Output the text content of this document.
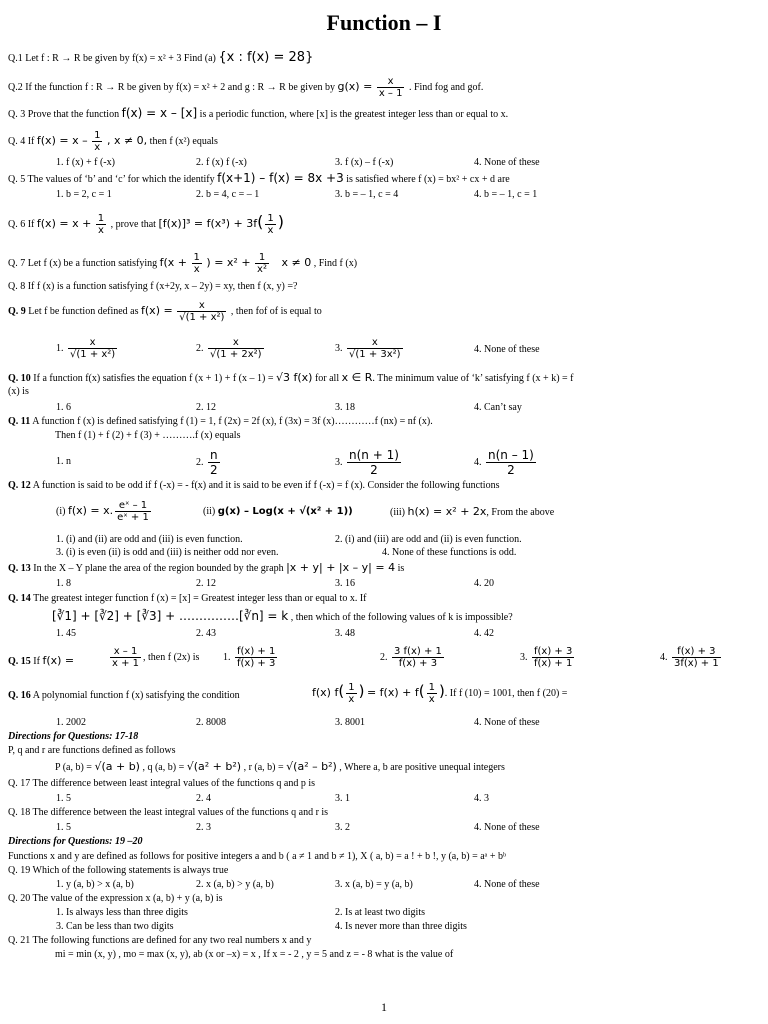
Function – I
Q.1 Let f : R → R be given by f(x) = x² + 3 Find (a) {x : f(x) = 28}
Q.2 If the function f : R → R be given by f(x) = x² + 2 and g : R → R be given by $g(x) = \frac{x}{x - 1}$ . Find fog and gof.
Q. 3 Prove that the function f(x) = x – [x] is a periodic function, where [x] is the greatest integer less than or equal to x.
Q. 4 If $f(x) = x - \frac{1}{x}$ , x ≠ 0, then f (x²) equals
1. f (x) + f (-x)	2. f (x) f (-x)	3. f (x) – f (-x)	4. None of these
Q. 5 The values of ‘b’ and ‘c’ for which the identify f(x+1) – f(x) = 8x +3 is satisfied where f (x) = bx² + cx + d are
1. b = 2, c = 1	2. b = 4, c = – 1	3. b = – 1, c = 4	4. b = – 1, c = 1
Q. 6 If $f(x) = x + \frac{1}{x}$ , prove that $[f(x)]^3 = f(x^3) + 3f( \frac{1}{x}$ )
Q. 7 Let f (x) be a function satisfying $f(x + \frac{1}{x}$ ) = $x^2 + \frac{1}{\text{x²}}$ x ≠ 0 , Find f (x)
Q. 8 If f (x) is a function satisfying f (x+2y, x – 2y) = xy, then f (x, y) =?
Q. 9 Let f be function defined as $f(x) = \frac{x}{\text{√(1 + x²)}}$ , then fof of is equal to
1. $\frac{x}{\text{√(1 + x²)}}$	2. $\frac{x}{\text{√(1 + 2x²)}}$	3. $\frac{x}{\text{√(1 + 3x²)}}$	4. None of these
Q. 10 If a function f(x) satisfies the equation f (x + 1) + f (x – 1) = √3 f(x) for all x ∈ R. The minimum value of ‘k’ satisfying f (x + k) = f
(x) is
1. 6	2. 12	3. 18	4. Can’t say
Q. 11 A function f (x) is defined satisfying f (1) = 1, f (2x) = 2f (x), f (3x) = 3f (x)…………f (nx) = nf (x).
Then f (1) + f (2) + f (3) + ……….f (x) equals
1. n	2. $\frac{n}{2}$	3. $\frac{n(n + 1)}{2}$	4. $\frac{n(n - 1)}{2}$
Q. 12 A function is said to be odd if f (-x) = - f(x) and it is said to be even if f (-x) = f (x). Consider the following functions
(i) f(x) = x. $\frac{\text{eˣ – 1}}{\text{eˣ + 1}}$	(ii) g(x) – Log(x + √(x² + 1))	(iii) h(x) = x² + 2x, From the above
1. (i) and (ii) are odd and (iii) is even function.	2. (i) and (iii) are odd and (ii) is even function.
3. (i) is even (ii) is odd and (iii) is neither odd nor even.	4. None of these functions is odd.
Q. 13 In the X – Y plane the area of the region bounded by the graph |x + y| + |x – y| = 4 is
1. 8	2. 12	3. 16	4. 20
Q. 14 The greatest integer function f (x) = [x] = Greatest integer less than or equal to x. If
[∛1] + [∛2] + [∛3] + ……………[∛n] = k , then which of the following values of k is impossible?
1. 45	2. 43	3. 48	4. 42
Q. 15 If f(x) =	$\frac{x - 1}{x + 1}$ , then f (2x) is 1. $\frac{f(x) + 1}{f(x) + 3}$	2. $\frac{3 f(x) + 1}{f(x) + 3}$	3. $\frac{f(x) + 3}{f(x) + 1}$	4. $\frac{f(x) + 3}{3f(x) + 1}$
Q. 16 A polynomial function f (x) satisfying the condition	f(x) $f( \frac{1}{x}$ ) = $f(x) + f( \frac{1}{x}$ ). If f (10) = 1001, then f (20) =
1. 2002	2. 8008	3. 8001	4. None of these
Directions for Questions: 17-18
P, q and r are functions defined as follows
P (a, b) = √(a + b) , q (a, b) = √(a² + b²) , r (a, b) = √(a² – b²) , Where a, b are positive unequal integers
Q. 17 The difference between least integral values of the functions q and p is
1. 5	2. 4	3. 1	4. 3
Q. 18 The difference between the least integral values of the functions q and r is
1. 5	2. 3	3. 2	4. None of these
Directions for Questions: 19 –20
Functions x and y are defined as follows for positive integers a and b ( a ≠ 1 and b ≠ 1), X ( a, b) = a ! + b !, y (a, b) = aᵃ + bᵇ
Q. 19 Which of the following statements is always true
1. y (a, b) > x (a, b)	2. x (a, b) > y (a, b)	3. x (a, b) = y (a, b)	4. None of these
Q. 20 The value of the expression x (a, b) + y (a, b) is
1. Is always less than three digits	2. Is at least two digits
3. Can be less than two digits	4. Is never more than three digits
Q. 21 The following functions are defined for any two real numbers x and y
mi = min (x, y) , mo = max (x, y), ab (x or –x) = x , If x = - 2 , y = 5 and z = - 8 what is the value of
1
